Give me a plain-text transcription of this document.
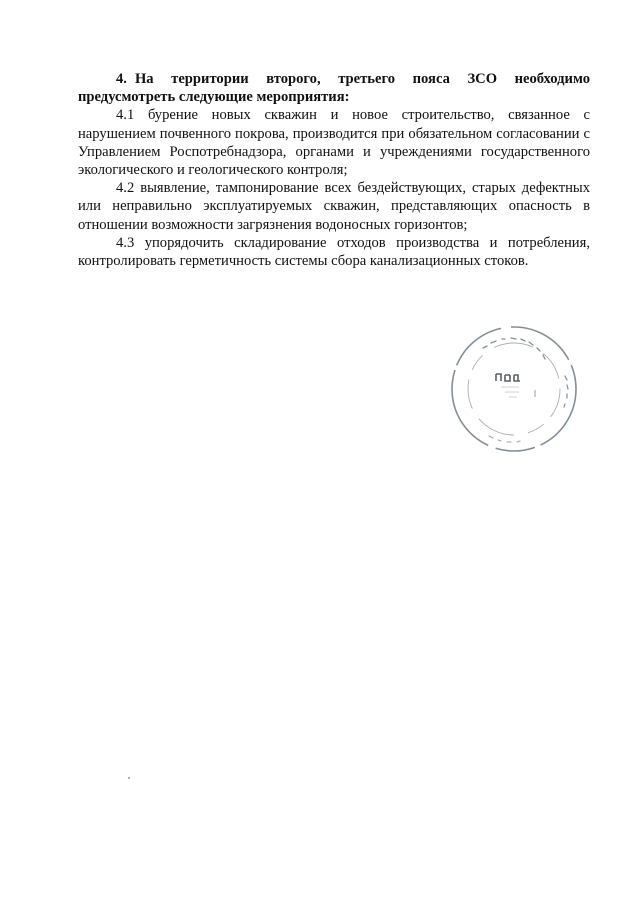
4. На территории второго, третьего пояса ЗСО необходимо предусмотреть следующие мероприятия:

4.1 бурение новых скважин и новое строительство, связанное с нарушением почвенного покрова, производится при обязательном согласовании с Управлением Роспотребнадзора, органами и учреждениями государственного экологического и геологического контроля;

4.2 выявление, тампонирование всех бездействующих, старых дефектных или неправильно эксплуатируемых скважин, представляющих опасность в отношении возможности загрязнения водоносных горизонтов;

4.3 упорядочить складирование отходов производства и потребления, контролировать герметичность системы сбора канализационных стоков.
